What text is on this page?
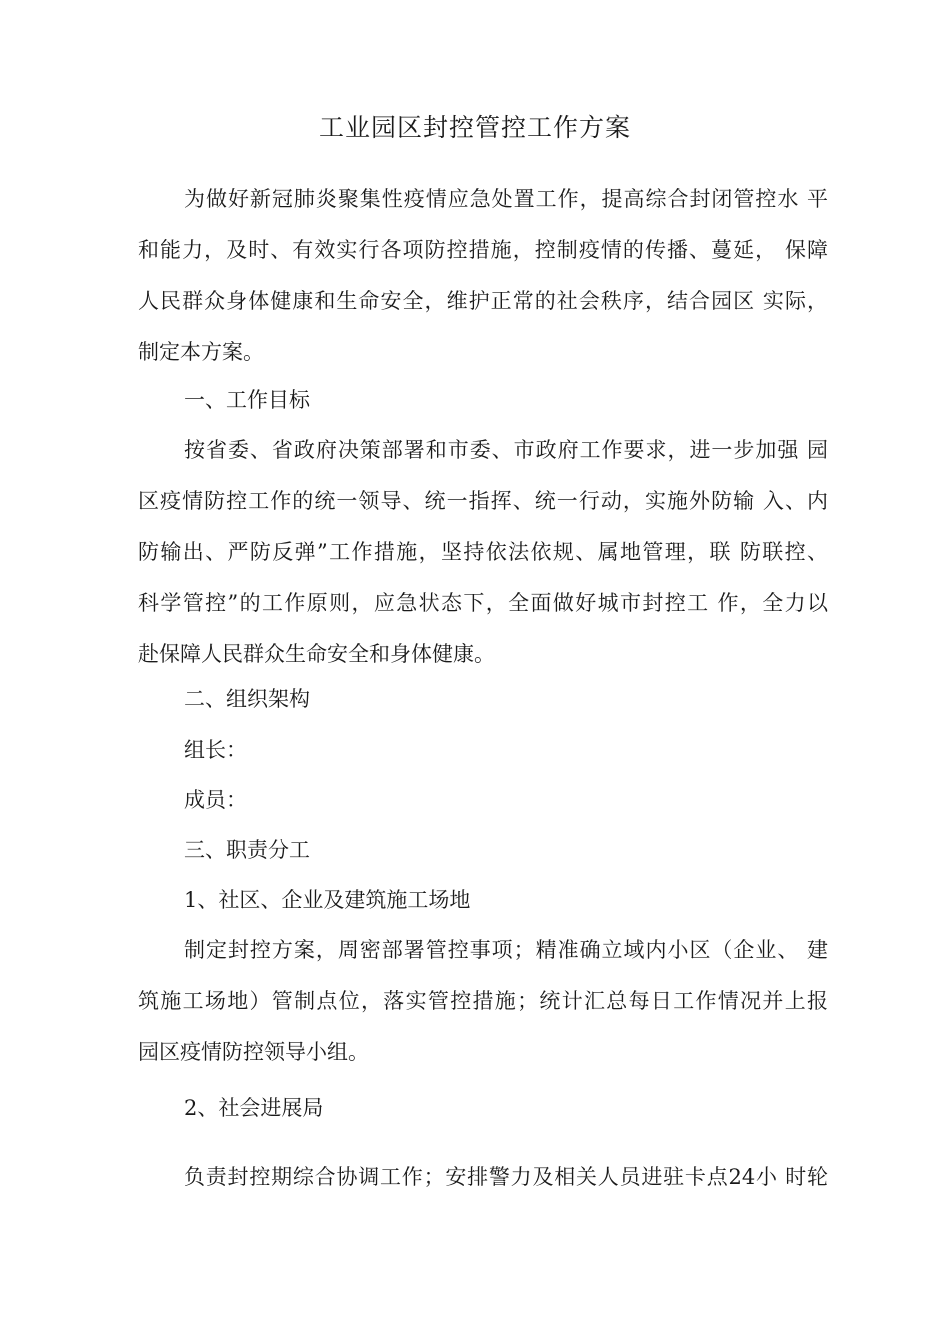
工业园区封控管控工作方案
为做好新冠肺炎聚集性疫情应急处置工作，提高综合封闭管控水 平
和能力，及时、有效实行各项防控措施，控制疫情的传播、蔓延， 保障
人民群众身体健康和生命安全，维护正常的社会秩序，结合园区 实际，
制定本方案。

一、工作目标

按省委、省政府决策部署和市委、市政府工作要求，进一步加强 园
区疫情防控工作的统一领导、统一指挥、统一行动，实施外防输 入、内
防输出、严防反弹”工作措施，坚持依法依规、属地管理，联 防联控、
科学管控”的工作原则，应急状态下，全面做好城市封控工 作，全力以
赴保障人民群众生命安全和身体健康。

二、组织架构

组长：

成员：

三、职责分工

1、社区、企业及建筑施工场地

制定封控方案，周密部署管控事项；精准确立域内小区（企业、 建
筑施工场地）管制点位，落实管控措施；统计汇总每日工作情况并上报
园区疫情防控领导小组。

2、社会进展局

负责封控期综合协调工作；安排警力及相关人员进驻卡点24小 时轮
